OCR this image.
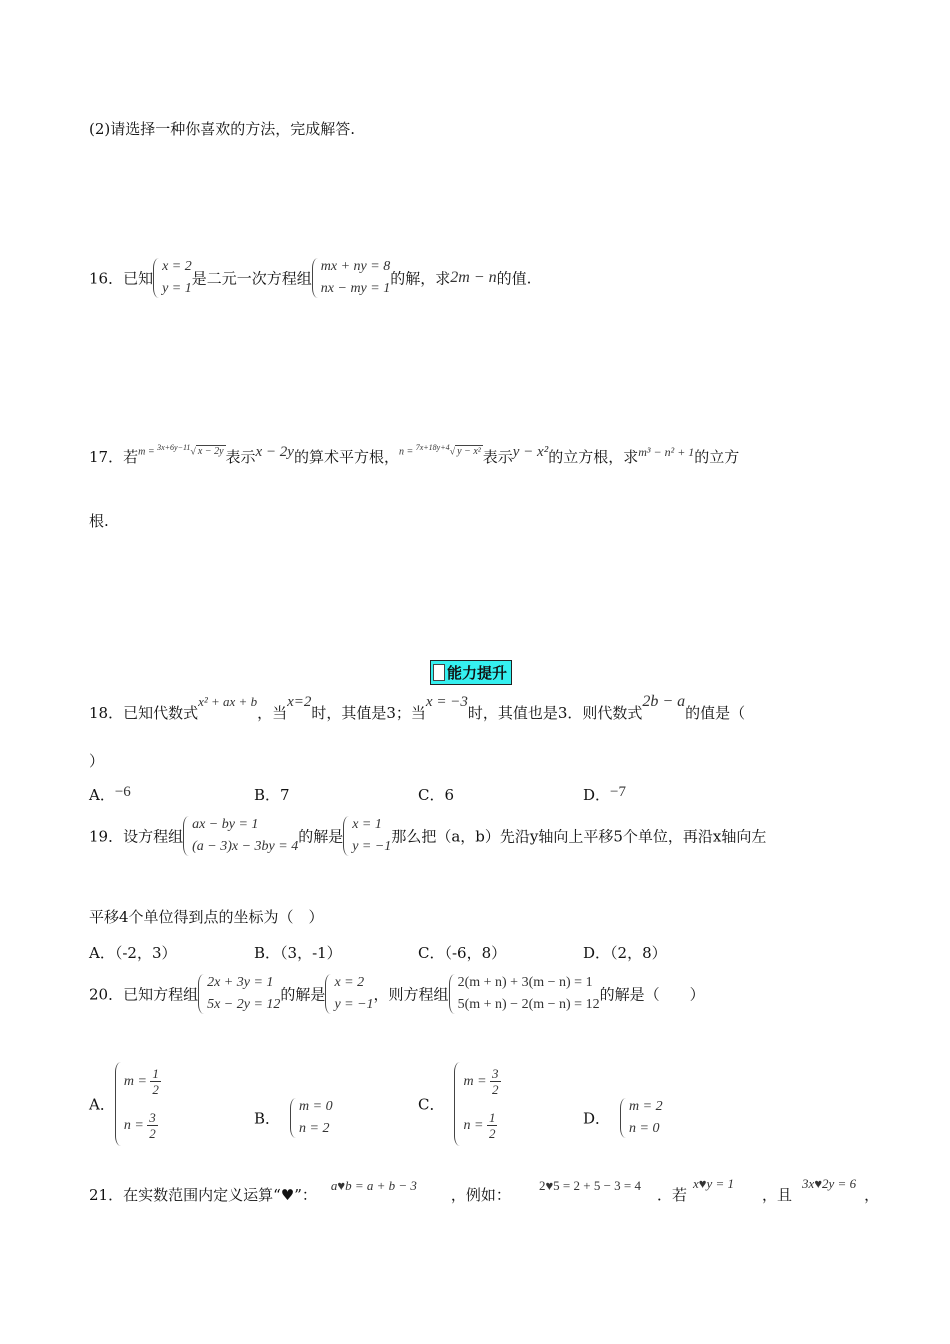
(2)请选择一种你喜欢的方法，完成解答.
16．已知
x = 2
y = 1
是二元一次方程组
mx + ny = 8
nx − my = 1
的解，求2m − n的值.
17．若m = $^{3x+6y-11}$√ x − 2y 表示x − 2y的算术平方根，n = $^{7x+18y+4}$√ y − x² 表示y − x²的立方根，求$^{m^3 - n^2 + 1}$的立方
根.
能力提升
18．已知代数式x² + ax + b，当x=2时，其值是3；当x = −3时，其值也是3．则代数式2b − a的值是（
）
A．−6	B．7	C．6	D．−7
19．设方程组
ax − by = 1
(a − 3)x − 3by = 4
的解是
x = 1
y = −1
那么把（a，b）先沿y轴向上平移5个单位，再沿x轴向左
平移4个单位得到点的坐标为（　）
A．（-2，3）	B．（3，-1）	C．（-6，8）	D．（2，8）
20．已知方程组
2x + 3y = 1
5x − 2y = 12
的解是
x = 2
y = −1
，则方程组
2(m + n) + 3(m − n) = 1
5(m + n) − 2(m − n) = 12
的解是（　　）
A．
$m = \frac{1}{2}$
$n = \frac{3}{2}$	B．
m = 0
n = 2
C．
$m = \frac{3}{2}$
$n = \frac{1}{2}$	D．
m = 2
n = 0
21．在实数范围内定义运算“♥”：a♥b = a + b − 3，例如：2♥5 = 2 + 5 − 3 = 4．若x♥y = 1，且3x♥2y = 6，
